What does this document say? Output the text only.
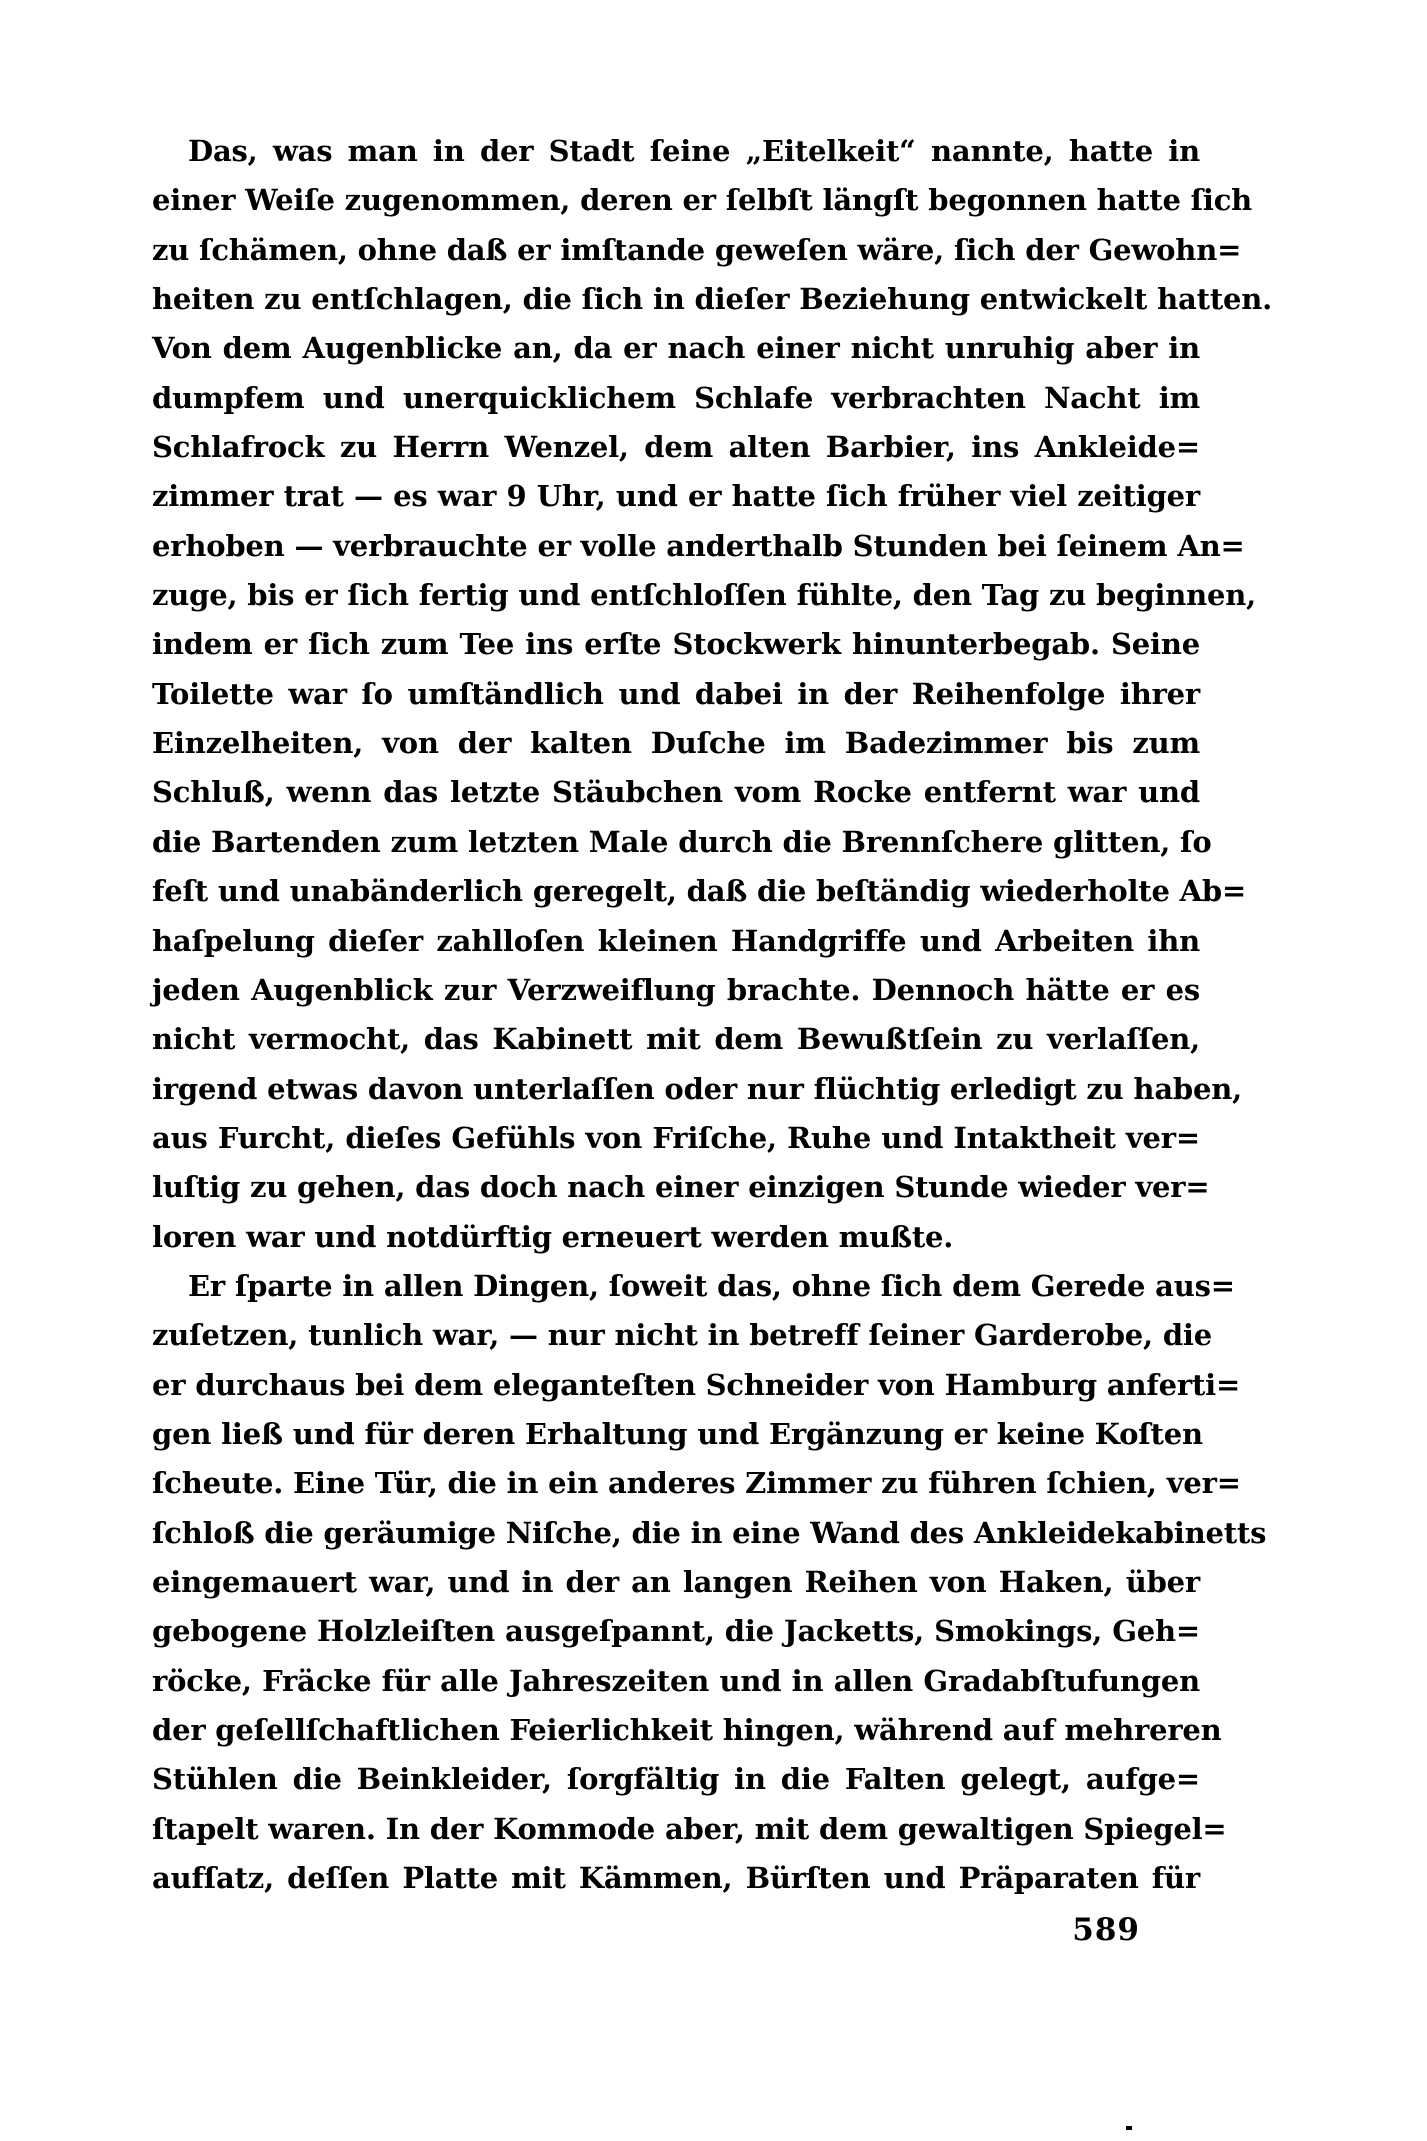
Das, was man in der Stadt ſeine „Eitelkeit“ nannte, hatte in
einer Weiſe zugenommen, deren er ſelbſt längſt begonnen hatte ſich
zu ſchämen, ohne daß er imſtande geweſen wäre, ſich der Gewohn=
heiten zu entſchlagen, die ſich in dieſer Beziehung entwickelt hatten.
Von dem Augenblicke an, da er nach einer nicht unruhig aber in
dumpfem und unerquicklichem Schlafe verbrachten Nacht im
Schlafrock zu Herrn Wenzel, dem alten Barbier, ins Ankleide=
zimmer trat — es war 9 Uhr, und er hatte ſich früher viel zeitiger
erhoben — verbrauchte er volle anderthalb Stunden bei ſeinem An=
zuge, bis er ſich fertig und entſchloſſen fühlte, den Tag zu beginnen,
indem er ſich zum Tee ins erſte Stockwerk hinunterbegab. Seine
Toilette war ſo umſtändlich und dabei in der Reihenfolge ihrer
Einzelheiten, von der kalten Duſche im Badezimmer bis zum
Schluß, wenn das letzte Stäubchen vom Rocke entfernt war und
die Bartenden zum letzten Male durch die Brennſchere glitten, ſo
feſt und unabänderlich geregelt, daß die beſtändig wiederholte Ab=
haſpelung dieſer zahlloſen kleinen Handgriffe und Arbeiten ihn
jeden Augenblick zur Verzweiflung brachte. Dennoch hätte er es
nicht vermocht, das Kabinett mit dem Bewußtſein zu verlaſſen,
irgend etwas davon unterlaſſen oder nur flüchtig erledigt zu haben,
aus Furcht, dieſes Gefühls von Friſche, Ruhe und Intaktheit ver=
luſtig zu gehen, das doch nach einer einzigen Stunde wieder ver=
loren war und notdürftig erneuert werden mußte.
Er ſparte in allen Dingen, ſoweit das, ohne ſich dem Gerede aus=
zuſetzen, tunlich war, — nur nicht in betreff ſeiner Garderobe, die
er durchaus bei dem eleganteſten Schneider von Hamburg anferti=
gen ließ und für deren Erhaltung und Ergänzung er keine Koſten
ſcheute. Eine Tür, die in ein anderes Zimmer zu führen ſchien, ver=
ſchloß die geräumige Niſche, die in eine Wand des Ankleidekabinetts
eingemauert war, und in der an langen Reihen von Haken, über
gebogene Holzleiſten ausgeſpannt, die Jacketts, Smokings, Geh=
röcke, Fräcke für alle Jahreszeiten und in allen Gradabſtufungen
der geſellſchaftlichen Feierlichkeit hingen, während auf mehreren
Stühlen die Beinkleider, ſorgfältig in die Falten gelegt, aufge=
ſtapelt waren. In der Kommode aber, mit dem gewaltigen Spiegel=
aufſatz, deſſen Platte mit Kämmen, Bürſten und Präparaten für
589
